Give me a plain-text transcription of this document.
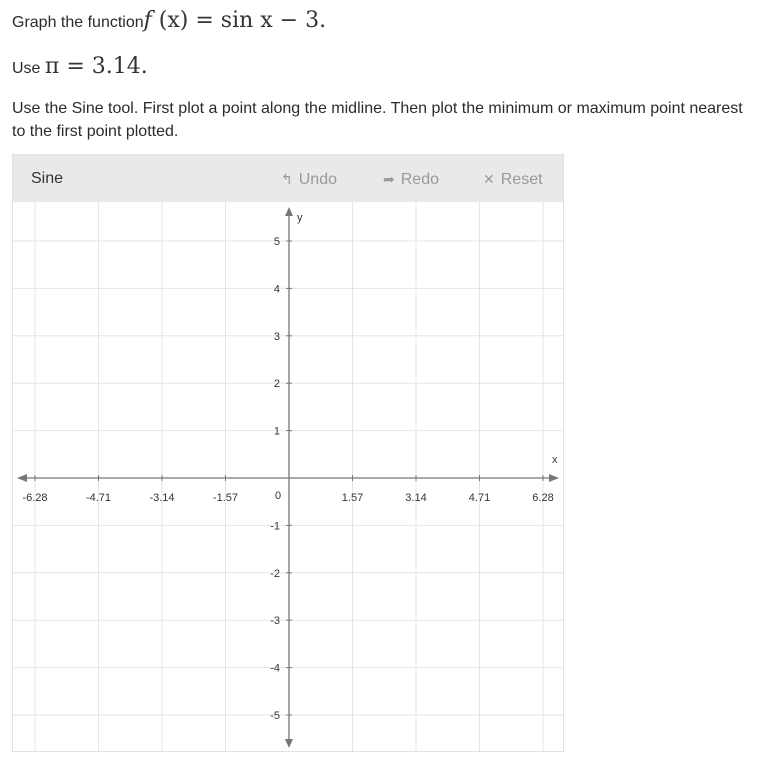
Graph the functionf (x) = sin x − 3.
Use π = 3.14.
Use the Sine tool. First plot a point along the midline. Then plot the minimum or maximum point nearest to the first point plotted.
Sine	↰ Undo	➦ Redo	✕ Reset
-6.28	-4.71	-3.14	-1.57	1.57	3.14	4.71	6.28
5
4
3
2
1
-1
-2
-3
-4
-5
x
y
0
